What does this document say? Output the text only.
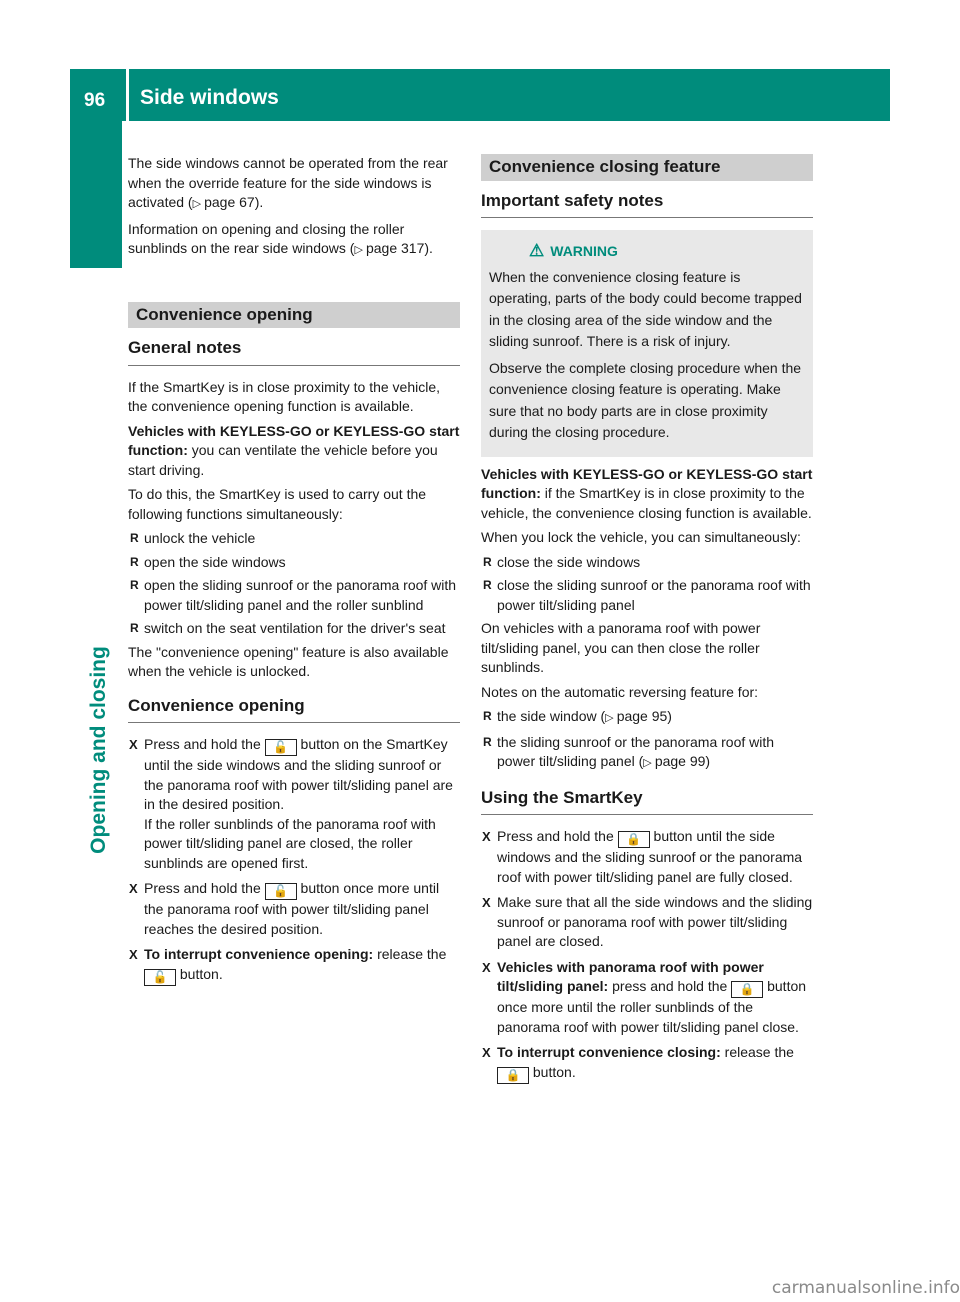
96 Side windows
Opening and closing

The side windows cannot be operated from the rear when the override feature for the side windows is activated (▷ page 67).

Information on opening and closing the roller sunblinds on the rear side windows (▷ page 317).

Convenience opening
General notes

If the SmartKey is in close proximity to the vehicle, the convenience opening function is available.

Vehicles with KEYLESS-GO or KEYLESS-GO start function: you can ventilate the vehicle before you start driving.

To do this, the SmartKey is used to carry out the following functions simultaneously:

R unlock the vehicle
R open the side windows
R open the sliding sunroof or the panorama roof with power tilt/sliding panel and the roller sunblind
R switch on the seat ventilation for the driver's seat

The "convenience opening" feature is also available when the vehicle is unlocked.

Convenience opening
X Press and hold the 🔓 button on the SmartKey until the side windows and the sliding sunroof or the panorama roof with power tilt/sliding panel are in the desired position.
If the roller sunblinds of the panorama roof with power tilt/sliding panel are closed, the roller sunblinds are opened first.
X Press and hold the 🔓 button once more until the panorama roof with power tilt/sliding panel reaches the desired position.
X To interrupt convenience opening: release the 🔓 button.
Convenience closing feature
Important safety notes
⚠ WARNING

When the convenience closing feature is operating, parts of the body could become trapped in the closing area of the side window and the sliding sunroof. There is a risk of injury.

Observe the complete closing procedure when the convenience closing feature is operating. Make sure that no body parts are in close proximity during the closing procedure.

Vehicles with KEYLESS-GO or KEYLESS-GO start function: if the SmartKey is in close proximity to the vehicle, the convenience closing function is available.

When you lock the vehicle, you can simultaneously:

R close the side windows
R close the sliding sunroof or the panorama roof with power tilt/sliding panel

On vehicles with a panorama roof with power tilt/sliding panel, you can then close the roller sunblinds.

Notes on the automatic reversing feature for:

R the side window (▷ page 95)
R the sliding sunroof or the panorama roof with power tilt/sliding panel (▷ page 99)
Using the SmartKey
X Press and hold the 🔒 button until the side windows and the sliding sunroof or the panorama roof with power tilt/sliding panel are fully closed.
X Make sure that all the side windows and the sliding sunroof or panorama roof with power tilt/sliding panel are closed.
X Vehicles with panorama roof with power tilt/sliding panel: press and hold the 🔒 button once more until the roller sunblinds of the panorama roof with power tilt/sliding panel close.
X To interrupt convenience closing: release the 🔒 button.
carmanualsonline.info
